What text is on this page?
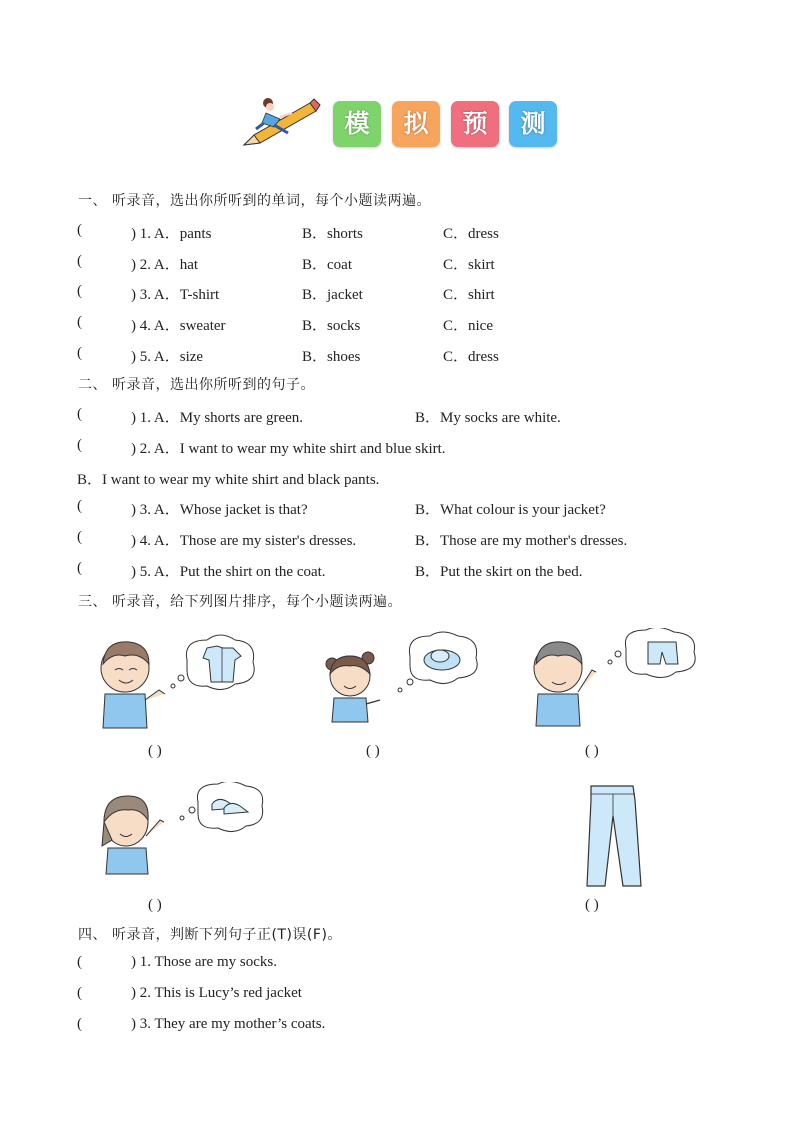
模	拟	预	测
一、 听录音，选出你所听到的单词，每个小题读两遍。
(	) 1. A．pants	B．shorts	C．dress
(	) 2. A．hat	B．coat	C．skirt
(	) 3. A．T-shirt	B．jacket	C．shirt
(	) 4. A．sweater	B．socks	C．nice
(	) 5. A．size	B．shoes	C．dress
二、 听录音，选出你所听到的句子。
(	) 1. A．My shorts are green.	B．My socks are white.
(	) 2. A．I want to wear my white shirt and blue skirt.
B．I want to wear my white shirt and black pants.
(	) 3. A．Whose jacket is that?	B．What colour is your jacket?
(	) 4. A．Those are my sister's dresses.	B．Those are my mother's dresses.
(	) 5. A．Put the shirt on the coat.	B．Put the skirt on the bed.
三、 听录音，给下列图片排序，每个小题读两遍。
( )	( )	( )
( )	( )
四、 听录音，判断下列句子正(T)误(F)。
(	) 1. Those are my socks.
(	) 2. This is Lucy’s red jacket
(	) 3. They are my mother’s coats.
